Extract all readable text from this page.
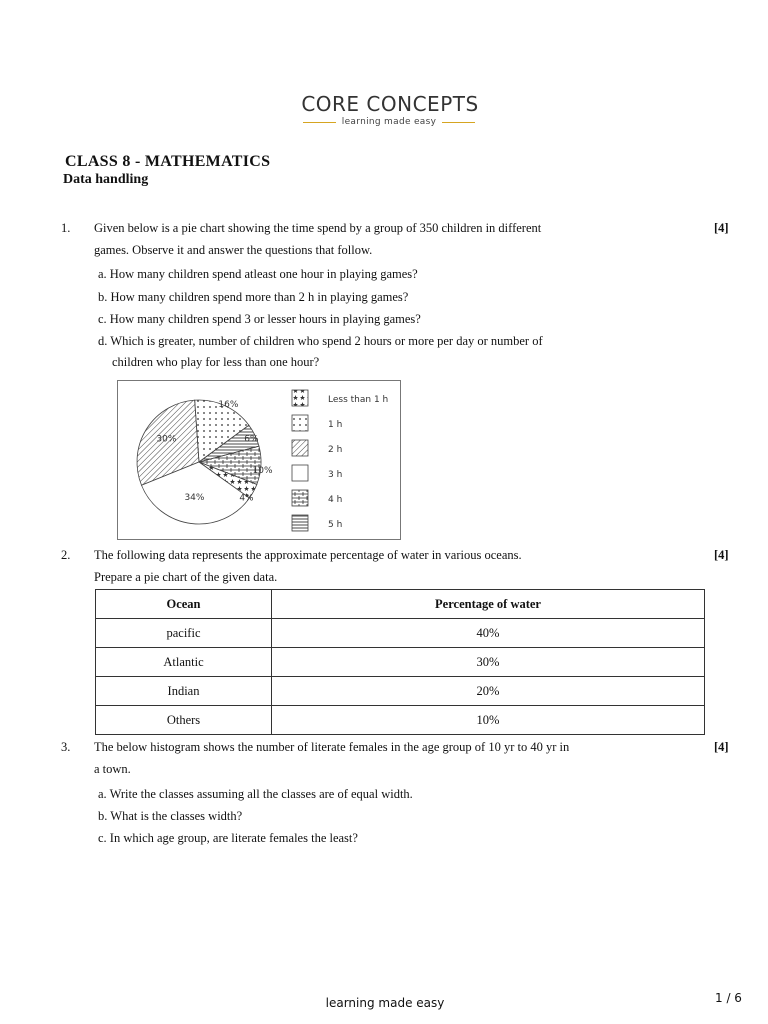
CORE CONCEPTS
learning made easy
CLASS 8 - MATHEMATICS
Data handling
1. Given below is a pie chart showing the time spend by a group of 350 children in different
games. Observe it and answer the questions that follow.
[4]
a. How many children spend atleast one hour in playing games?
b. How many children spend more than 2 h in playing games?
c. How many children spend 3 or lesser hours in playing games?
d. Which is greater, number of children who spend 2 hours or more per day or number of
children who play for less than one hour?
30%
16%
6%
10%
4%
34%
Less than 1 h
1 h
2 h
3 h
4 h
5 h
2. The following data represents the approximate percentage of water in various oceans.
Prepare a pie chart of the given data.
[4]
Ocean	Percentage of water
pacific	40%
Atlantic	30%
Indian	20%
Others	10%
3. The below histogram shows the number of literate females in the age group of 10 yr to 40 yr in
a town.
[4]
a. Write the classes assuming all the classes are of equal width.
b. What is the classes width?
c. In which age group, are literate females the least?
learning made easy	1 / 6
